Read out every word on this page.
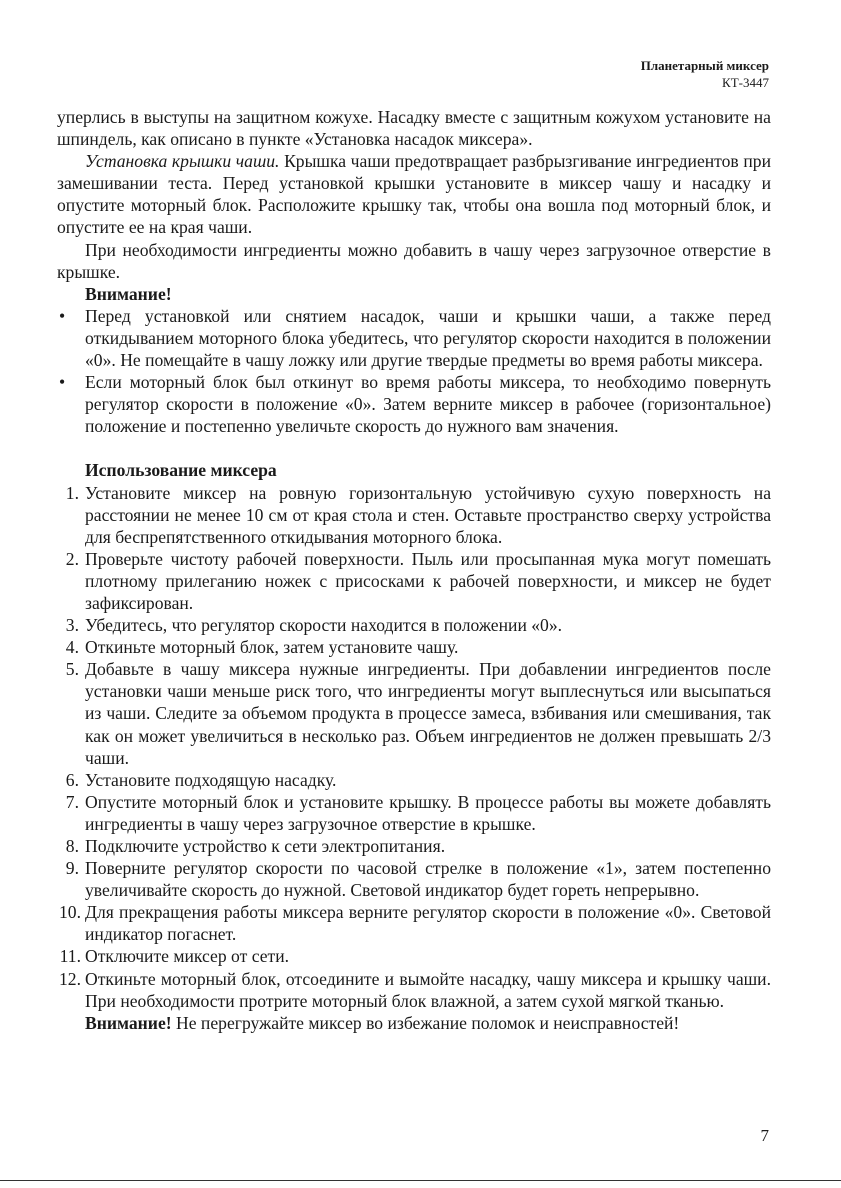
Планетарный миксер
КТ-3447

уперлись в выступы на защитном кожухе. Насадку вместе с защитным кожухом установите на шпиндель, как описано в пункте «Установка насадок миксера».

Установка крышки чаши. Крышка чаши предотвращает разбрызгивание ингредиентов при замешивании теста. Перед установкой крышки установите в миксер чашу и насадку и опустите моторный блок. Расположите крышку так, чтобы она вошла под моторный блок, и опустите ее на края чаши.

При необходимости ингредиенты можно добавить в чашу через загрузочное отверстие в крышке.

Внимание!

• Перед установкой или снятием насадок, чаши и крышки чаши, а также перед откидыванием моторного блока убедитесь, что регулятор скорости находится в положении «0». Не помещайте в чашу ложку или другие твердые предметы во время работы миксера.
• Если моторный блок был откинут во время работы миксера, то необходимо повернуть регулятор скорости в положение «0». Затем верните миксер в рабочее (горизонтальное) положение и постепенно увеличьте скорость до нужного вам значения.

Использование миксера

1. Установите миксер на ровную горизонтальную устойчивую сухую поверхность на расстоянии не менее 10 см от края стола и стен. Оставьте пространство сверху устройства для беспрепятственного откидывания моторного блока.
2. Проверьте чистоту рабочей поверхности. Пыль или просыпанная мука могут помешать плотному прилеганию ножек с присосками к рабочей поверхности, и миксер не будет зафиксирован.
3. Убедитесь, что регулятор скорости находится в положении «0».
4. Откиньте моторный блок, затем установите чашу.
5. Добавьте в чашу миксера нужные ингредиенты. При добавлении ингредиентов после установки чаши меньше риск того, что ингредиенты могут выплеснуться или высыпаться из чаши. Следите за объемом продукта в процессе замеса, взбивания или смешивания, так как он может увеличиться в несколько раз. Объем ингредиентов не должен превышать 2/3 чаши.
6. Установите подходящую насадку.
7. Опустите моторный блок и установите крышку. В процессе работы вы можете добавлять ингредиенты в чашу через загрузочное отверстие в крышке.
8. Подключите устройство к сети электропитания.
9. Поверните регулятор скорости по часовой стрелке в положение «1», затем постепенно увеличивайте скорость до нужной. Световой индикатор будет гореть непрерывно.
10. Для прекращения работы миксера верните регулятор скорости в положение «0». Световой индикатор погаснет.
11. Отключите миксер от сети.
12. Откиньте моторный блок, отсоедините и вымойте насадку, чашу миксера и крышку чаши. При необходимости протрите моторный блок влажной, а затем сухой мягкой тканью.

Внимание! Не перегружайте миксер во избежание поломок и неисправностей!

7
